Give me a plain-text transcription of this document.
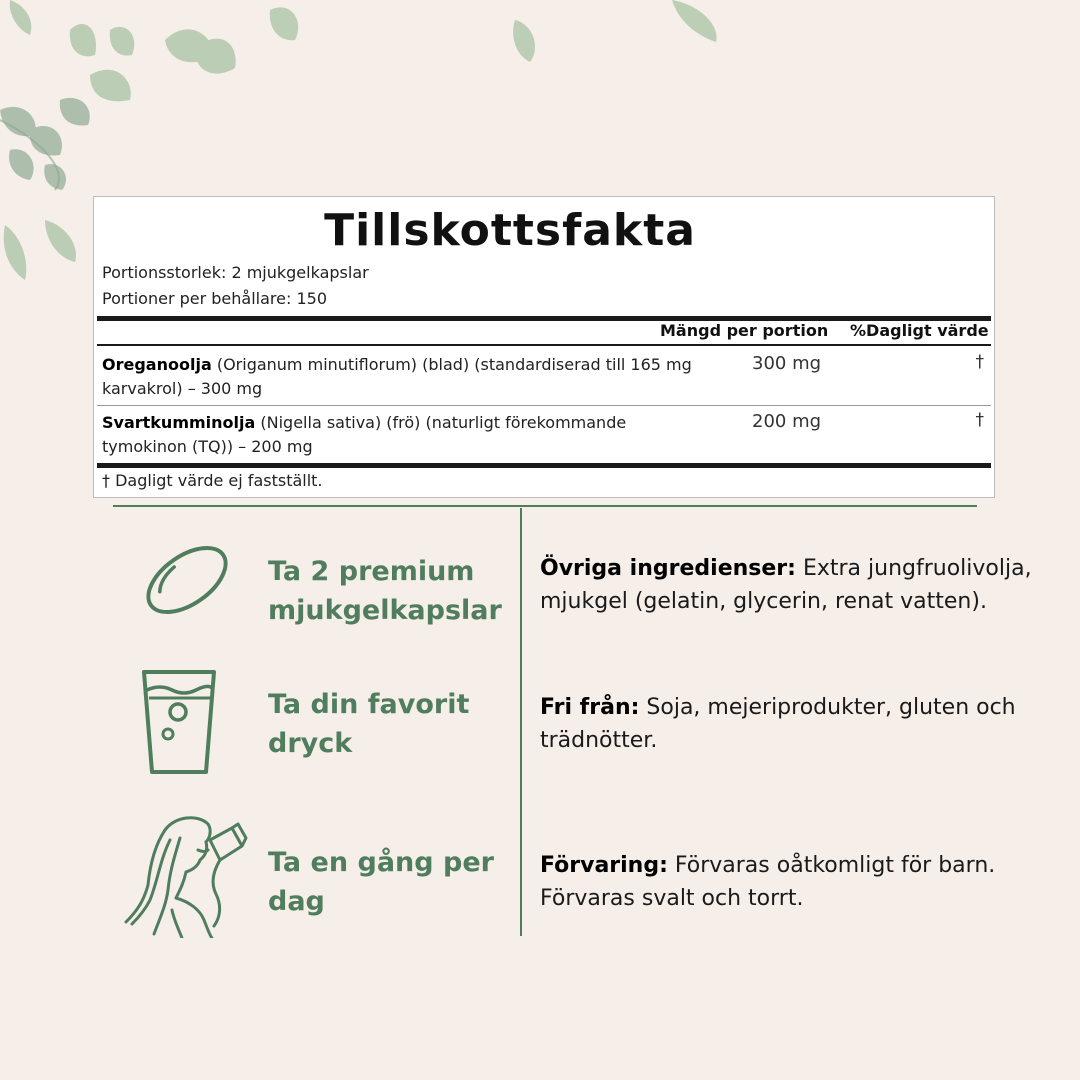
Tillskottsfakta
Portionsstorlek: 2 mjukgelkapslar
Portioner per behållare: 150
Mängd per portion %Dagligt värde
Oreganoolja (Origanum minutiflorum) (blad) (standardiserad till 165 mg karvakrol) – 300 mg
300 mg	†
Svartkumminolja (Nigella sativa) (frö) (naturligt förekommande tymokinon (TQ)) – 200 mg
200 mg	†
† Dagligt värde ej fastställt.
Ta 2 premium mjukgelkapslar
Ta din favorit dryck
Ta en gång per dag
Övriga ingredienser: Extra jungfruolivolja, mjukgel (gelatin, glycerin, renat vatten).
Fri från: Soja, mejeriprodukter, gluten och trädnötter.
Förvaring: Förvaras oåtkomligt för barn. Förvaras svalt och torrt.
